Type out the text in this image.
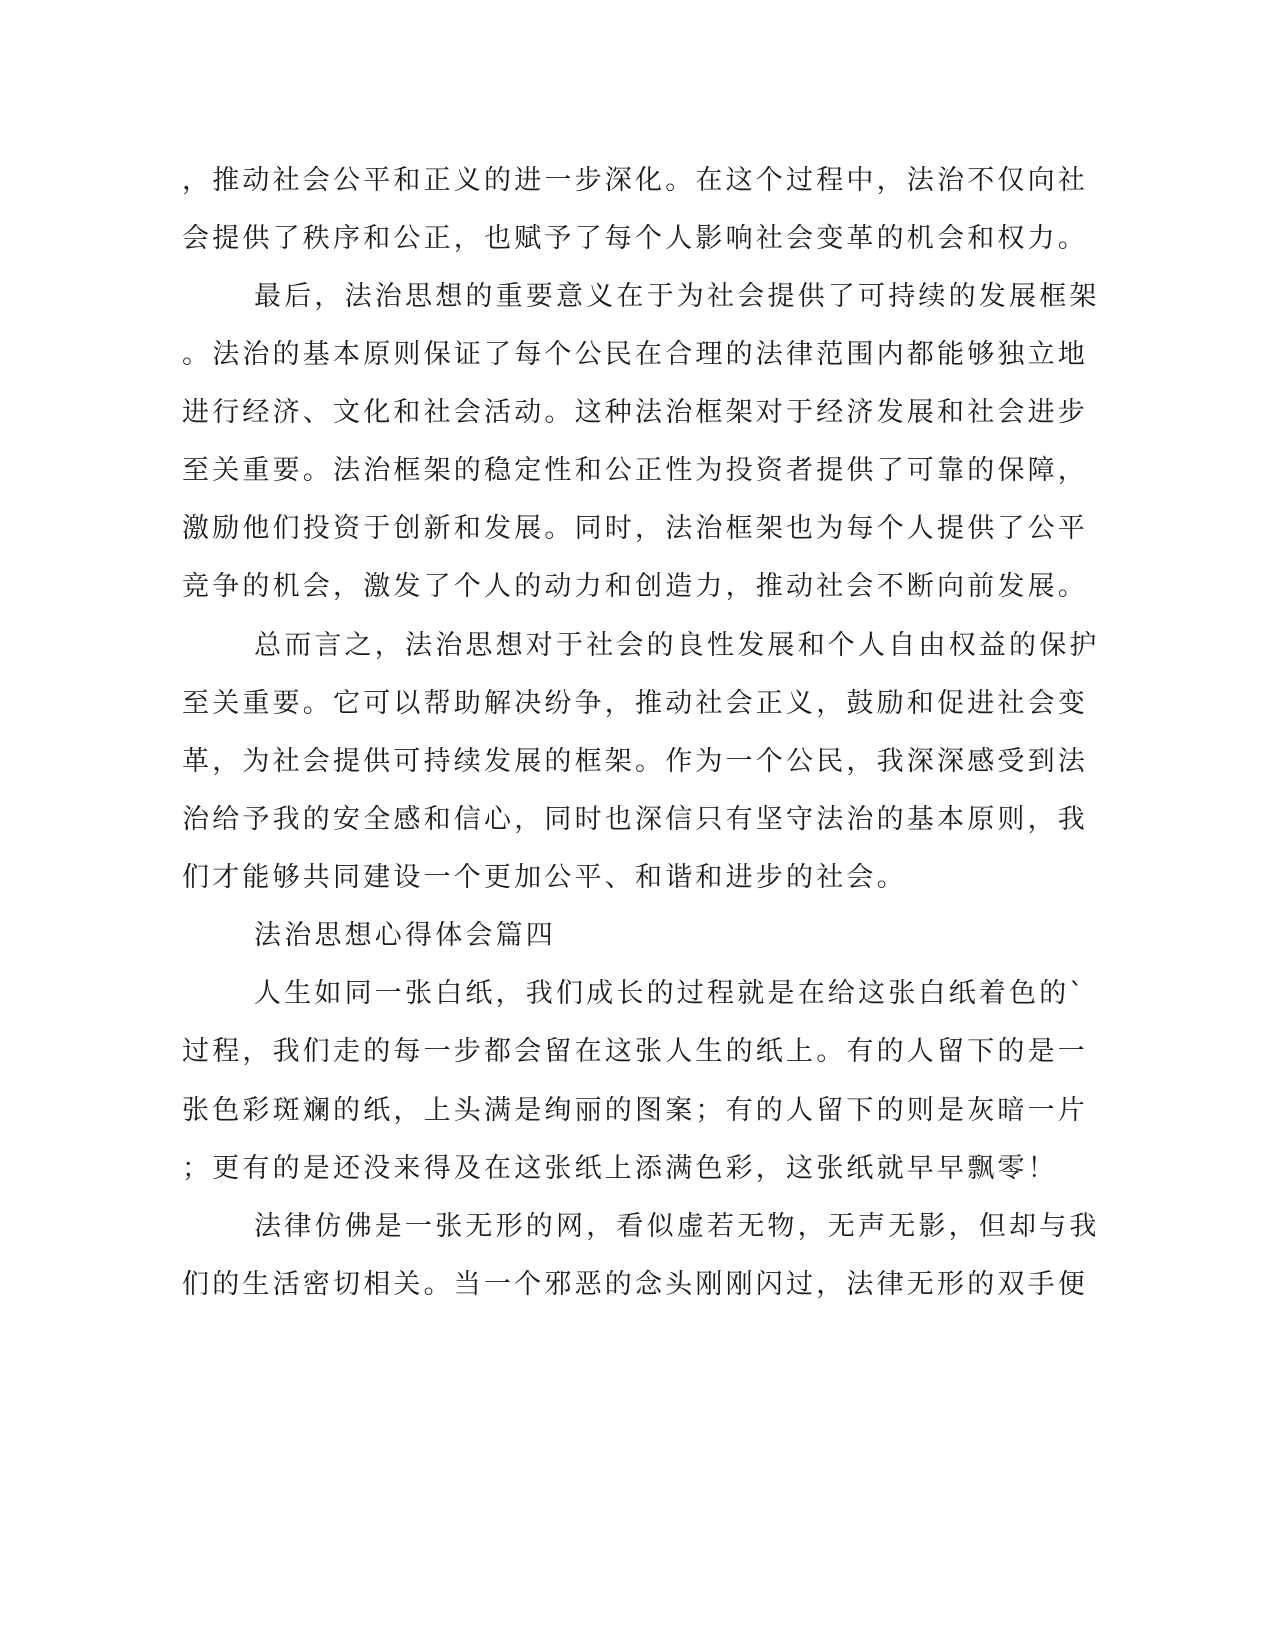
，推动社会公平和正义的进一步深化。在这个过程中，法治不仅向社
会提供了秩序和公正，也赋予了每个人影响社会变革的机会和权力。
最后，法治思想的重要意义在于为社会提供了可持续的发展框架
。法治的基本原则保证了每个公民在合理的法律范围内都能够独立地
进行经济、文化和社会活动。这种法治框架对于经济发展和社会进步
至关重要。法治框架的稳定性和公正性为投资者提供了可靠的保障，
激励他们投资于创新和发展。同时，法治框架也为每个人提供了公平
竞争的机会，激发了个人的动力和创造力，推动社会不断向前发展。
总而言之，法治思想对于社会的良性发展和个人自由权益的保护
至关重要。它可以帮助解决纷争，推动社会正义，鼓励和促进社会变
革，为社会提供可持续发展的框架。作为一个公民，我深深感受到法
治给予我的安全感和信心，同时也深信只有坚守法治的基本原则，我
们才能够共同建设一个更加公平、和谐和进步的社会。
法治思想心得体会篇四
人生如同一张白纸，我们成长的过程就是在给这张白纸着色的`
过程，我们走的每一步都会留在这张人生的纸上。有的人留下的是一
张色彩斑斓的纸，上头满是绚丽的图案；有的人留下的则是灰暗一片
；更有的是还没来得及在这张纸上添满色彩，这张纸就早早飘零！
法律仿佛是一张无形的网，看似虚若无物，无声无影，但却与我
们的生活密切相关。当一个邪恶的念头刚刚闪过，法律无形的双手便
